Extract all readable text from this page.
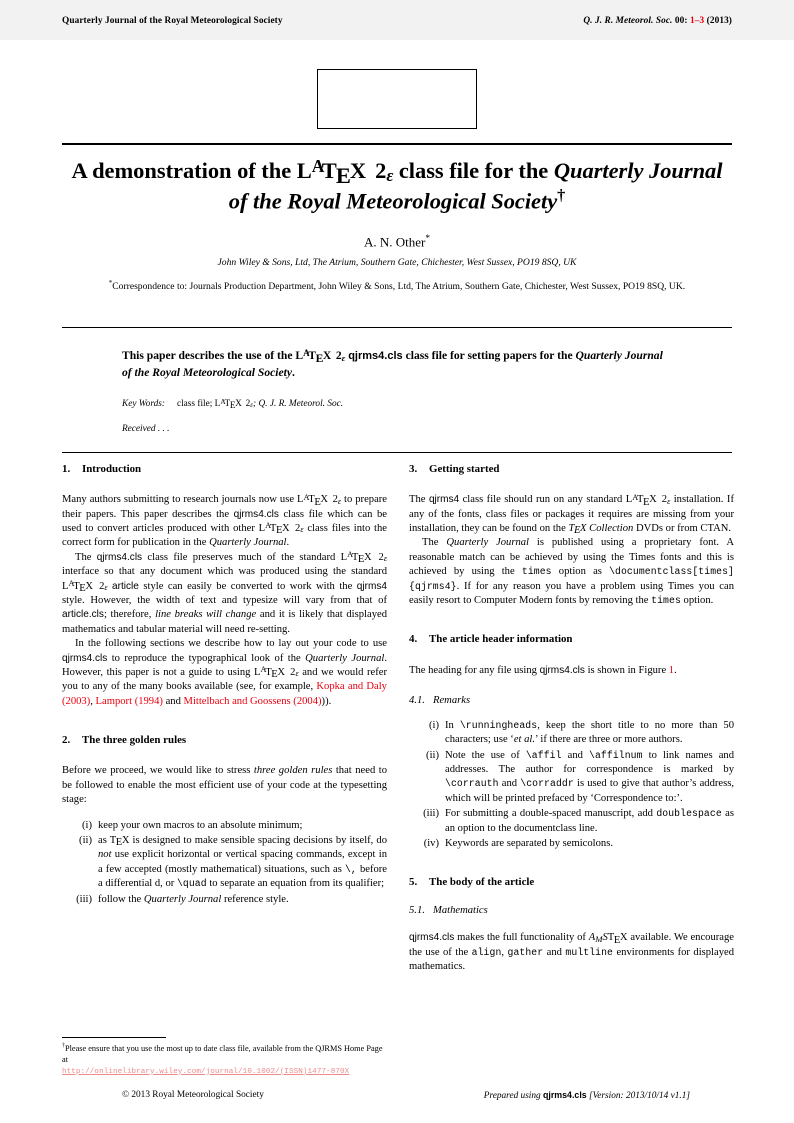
Quarterly Journal of the Royal Meteorological Society	Q. J. R. Meteorol. Soc. 00: 1–3 (2013)
A demonstration of the $L^ATEX$ 2ε class file for the Quarterly Journal
of the Royal Meteorological Society†
A. N. Other*
John Wiley & Sons, Ltd, The Atrium, Southern Gate, Chichester, West Sussex, PO19 8SQ, UK
*Correspondence to: Journals Production Department, John Wiley & Sons, Ltd, The Atrium, Southern Gate, Chichester, West Sussex, PO19 8SQ, UK.
This paper describes the use of the $L^ATEX$ 2ε qjrms4.cls class file for setting papers for the Quarterly Journal of the Royal Meteorological Society.
Key Words: class file; $L^ATEX$ 2ε; Q. J. R. Meteorol. Soc.
Received . . .
1. Introduction

Many authors submitting to research journals now use $L^ATEX$ 2ε to prepare their papers. This paper describes the qjrms4.cls class file which can be used to convert articles produced with other $L^ATEX$ 2ε class files into the correct form for publication in the Quarterly Journal.

The qjrms4.cls class file preserves much of the standard $L^ATEX$ 2ε interface so that any document which was produced using the standard $L^ATEX$ 2ε article style can easily be converted to work with the qjrms4 style. However, the width of text and typesize will vary from that of article.cls; therefore, line breaks will change and it is likely that displayed mathematics and tabular material will need re-setting.

In the following sections we describe how to lay out your code to use qjrms4.cls to reproduce the typographical look of the Quarterly Journal. However, this paper is not a guide to using $L^ATEX$ 2ε and we would refer you to any of the many books available (see, for example, Kopka and Daly (2003), Lamport (1994) and Mittelbach and Goossens (2004))).

2. The three golden rules

Before we proceed, we would like to stress three golden rules that need to be followed to enable the most efficient use of your code at the typesetting stage:

(i) keep your own macros to an absolute minimum;
(ii) as TEX is designed to make sensible spacing decisions by itself, do not use explicit horizontal or vertical spacing commands, except in a few accepted (mostly mathematical) situations, such as \, before a differential d, or \quad to separate an equation from its qualifier;
(iii) follow the Quarterly Journal reference style.
3. Getting started

The qjrms4 class file should run on any standard $L^ATEX$ 2ε installation. If any of the fonts, class files or packages it requires are missing from your installation, they can be found on the TEX Collection DVDs or from CTAN.

The Quarterly Journal is published using a proprietary font. A reasonable match can be achieved by using the Times fonts and this is achieved by using the times option as \documentclass[times]{qjrms4}. If for any reason you have a problem using Times you can easily resort to Computer Modern fonts by removing the times option.

4. The article header information

The heading for any file using qjrms4.cls is shown in Figure 1.

4.1. Remarks
(i) In \runningheads, keep the short title to no more than 50 characters; use ‘et al.’ if there are three or more authors.
(ii) Note the use of \affil and \affilnum to link names and addresses. The author for correspondence is marked by \corrauth and \corraddr is used to give that author’s address, which will be printed prefaced by ‘Correspondence to:’.
(iii) For submitting a double-spaced manuscript, add doublespace as an option to the documentclass line.
(iv) Keywords are separated by semicolons.
5. The body of the article
5.1. Mathematics

qjrms4.cls makes the full functionality of AMSTEX available. We encourage the use of the align, gather and multline environments for displayed mathematics.

†Please ensure that you use the most up to date class file, available from the QJRMS Home Page at
http://onlinelibrary.wiley.com/journal/10.1002/(ISSN)1477-870X
© 2013 Royal Meteorological Society	Prepared using qjrms4.cls [Version: 2013/10/14 v1.1]
